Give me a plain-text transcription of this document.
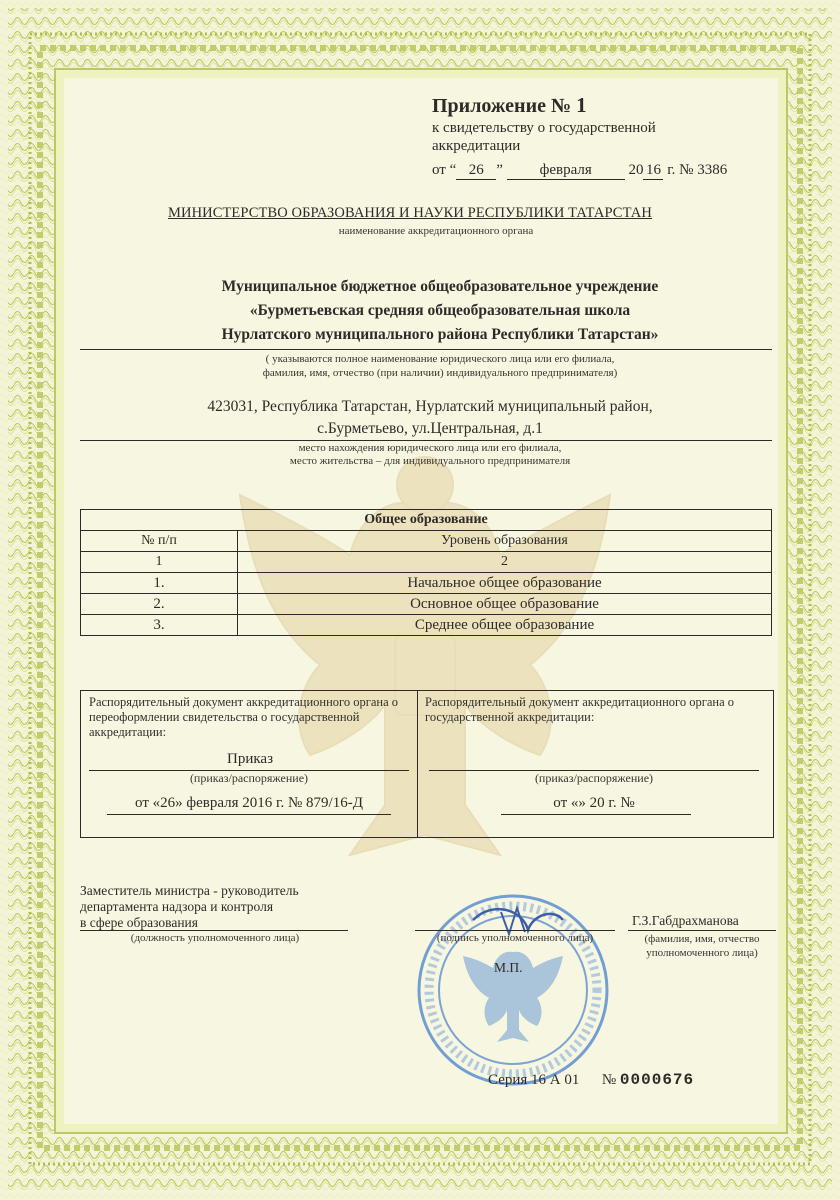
Приложение № 1
к свидетельству о государственной
аккредитации
от “ 26 ” февраля 20 16 г. № 3386
МИНИСТЕРСТВО ОБРАЗОВАНИЯ И НАУКИ РЕСПУБЛИКИ ТАТАРСТАН
наименование аккредитационного органа
Муниципальное бюджетное общеобразовательное учреждение
«Бурметьевская средняя общеобразовательная школа
Нурлатского муниципального района Республики Татарстан»
( указываются полное наименование юридического лица или его филиала,
фамилия, имя, отчество (при наличии) индивидуального предпринимателя)
423031, Республика Татарстан, Нурлатский муниципальный район,
с.Бурметьево, ул.Центральная, д.1
место нахождения юридического лица или его филиала,
место жительства – для индивидуального предпринимателя
Общее образование	
№ п/п	Уровень образования
1	2
1.	Начальное общее образование
2.	Основное общее образование
3.	Среднее общее образование
Распорядительный документ аккредитационного органа о переоформлении свидетельства о государственной аккредитации:
Приказ
(приказ/распоряжение)
от «26» февраля 2016 г. № 879/16-Д
Распорядительный документ аккредитационного органа о государственной аккредитации:
(приказ/распоряжение)
от «» 20 г. №
Заместитель министра - руководитель
департамента надзора и контроля
в сфере образования
(должность уполномоченного лица)	(подпись уполномоченного лица)
М.П.
Г.З.Габдрахманова
(фамилия, имя, отчество
уполномоченного лица)
Серия 16 А 01 № 0000676
